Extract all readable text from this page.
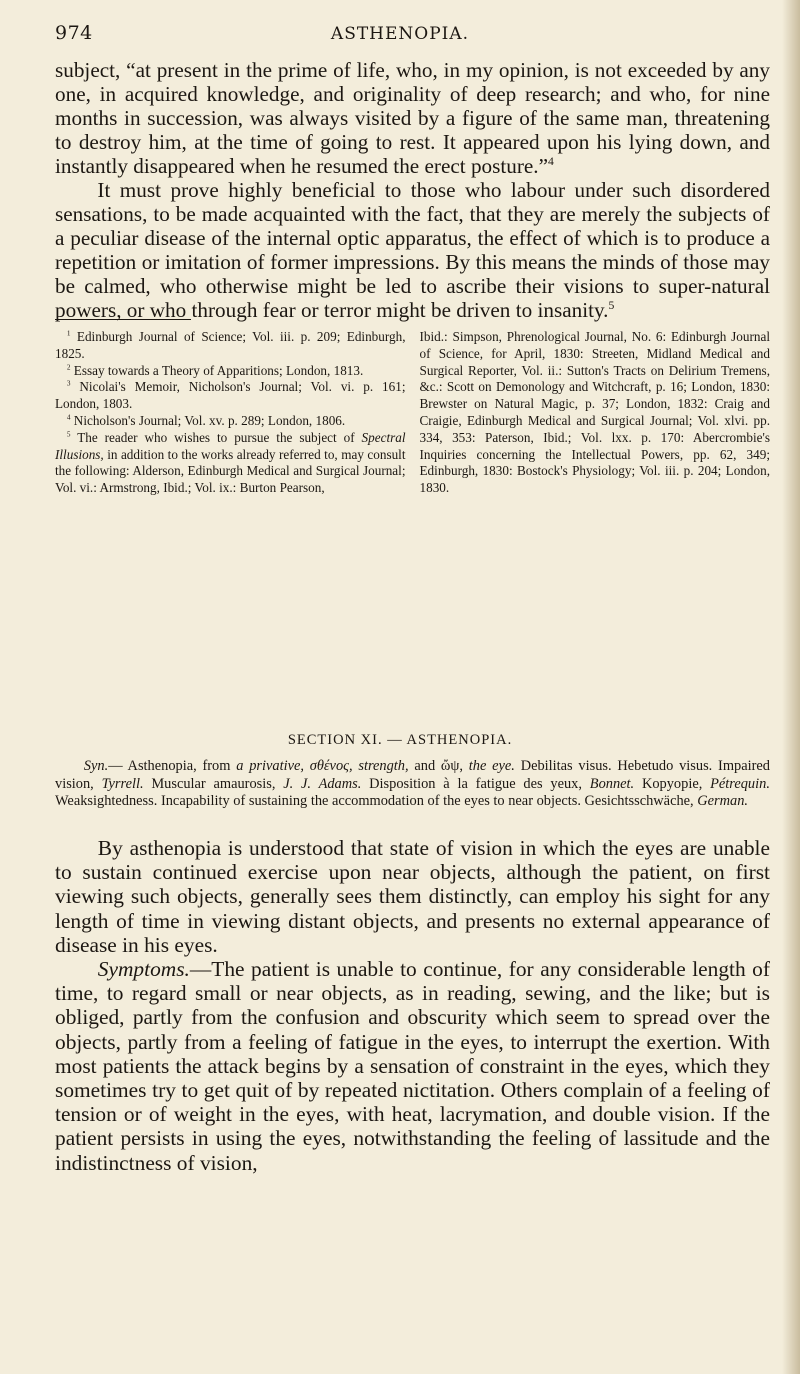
974	ASTHENOPIA.

subject, “at present in the prime of life, who, in my opinion, is not exceeded by any one, in acquired knowledge, and originality of deep research; and who, for nine months in succession, was always visited by a figure of the same man, threatening to destroy him, at the time of going to rest. It appeared upon his lying down, and instantly disappeared when he resumed the erect posture.”$^4$

It must prove highly beneficial to those who labour under such disordered sensations, to be made acquainted with the fact, that they are merely the subjects of a peculiar disease of the internal optic apparatus, the effect of which is to produce a repetition or imitation of former impressions. By this means the minds of those may be calmed, who otherwise might be led to ascribe their visions to super-natural powers, or who through fear or terror might be driven to insanity.$^5$

$^1$ Edinburgh Journal of Science; Vol. iii. p. 209; Edinburgh, 1825.

$^2$ Essay towards a Theory of Apparitions; London, 1813.

$^3$ Nicolai's Memoir, Nicholson's Journal; Vol. vi. p. 161; London, 1803.

$^4$ Nicholson's Journal; Vol. xv. p. 289; London, 1806.

$^5$ The reader who wishes to pursue the subject of Spectral Illusions, in addition to the works already referred to, may consult the following: Alderson, Edinburgh Medical and Surgical Journal; Vol. vi.: Armstrong, Ibid.; Vol. ix.: Burton Pearson,

Ibid.: Simpson, Phrenological Journal, No. 6: Edinburgh Journal of Science, for April, 1830: Streeten, Midland Medical and Surgical Reporter, Vol. ii.: Sutton's Tracts on Delirium Tremens, &c.: Scott on Demonology and Witchcraft, p. 16; London, 1830: Brewster on Natural Magic, p. 37; London, 1832: Craig and Craigie, Edinburgh Medical and Surgical Journal; Vol. xlvi. pp. 334, 353: Paterson, Ibid.; Vol. lxx. p. 170: Abercrombie's Inquiries concerning the Intellectual Powers, pp. 62, 349; Edinburgh, 1830: Bostock's Physiology; Vol. iii. p. 204; London, 1830.

SECTION XI. — ASTHENOPIA.
Syn.— Asthenopia, from a privative, σθένος, strength, and ὤψ, the eye. Debilitas visus. Hebetudo visus. Impaired vision, Tyrrell. Muscular amaurosis, J. J. Adams. Disposition à la fatigue des yeux, Bonnet. Kopyopie, Pétrequin. Weaksightedness. Incapability of sustaining the accommodation of the eyes to near objects. Gesichtsschwäche, German.

By asthenopia is understood that state of vision in which the eyes are unable to sustain continued exercise upon near objects, although the patient, on first viewing such objects, generally sees them distinctly, can employ his sight for any length of time in viewing distant objects, and presents no external appearance of disease in his eyes.

Symptoms.—The patient is unable to continue, for any considerable length of time, to regard small or near objects, as in reading, sewing, and the like; but is obliged, partly from the confusion and obscurity which seem to spread over the objects, partly from a feeling of fatigue in the eyes, to interrupt the exertion. With most patients the attack begins by a sensation of constraint in the eyes, which they sometimes try to get quit of by repeated nictitation. Others complain of a feeling of tension or of weight in the eyes, with heat, lacrymation, and double vision. If the patient persists in using the eyes, notwithstanding the feeling of lassitude and the indistinctness of vision,
